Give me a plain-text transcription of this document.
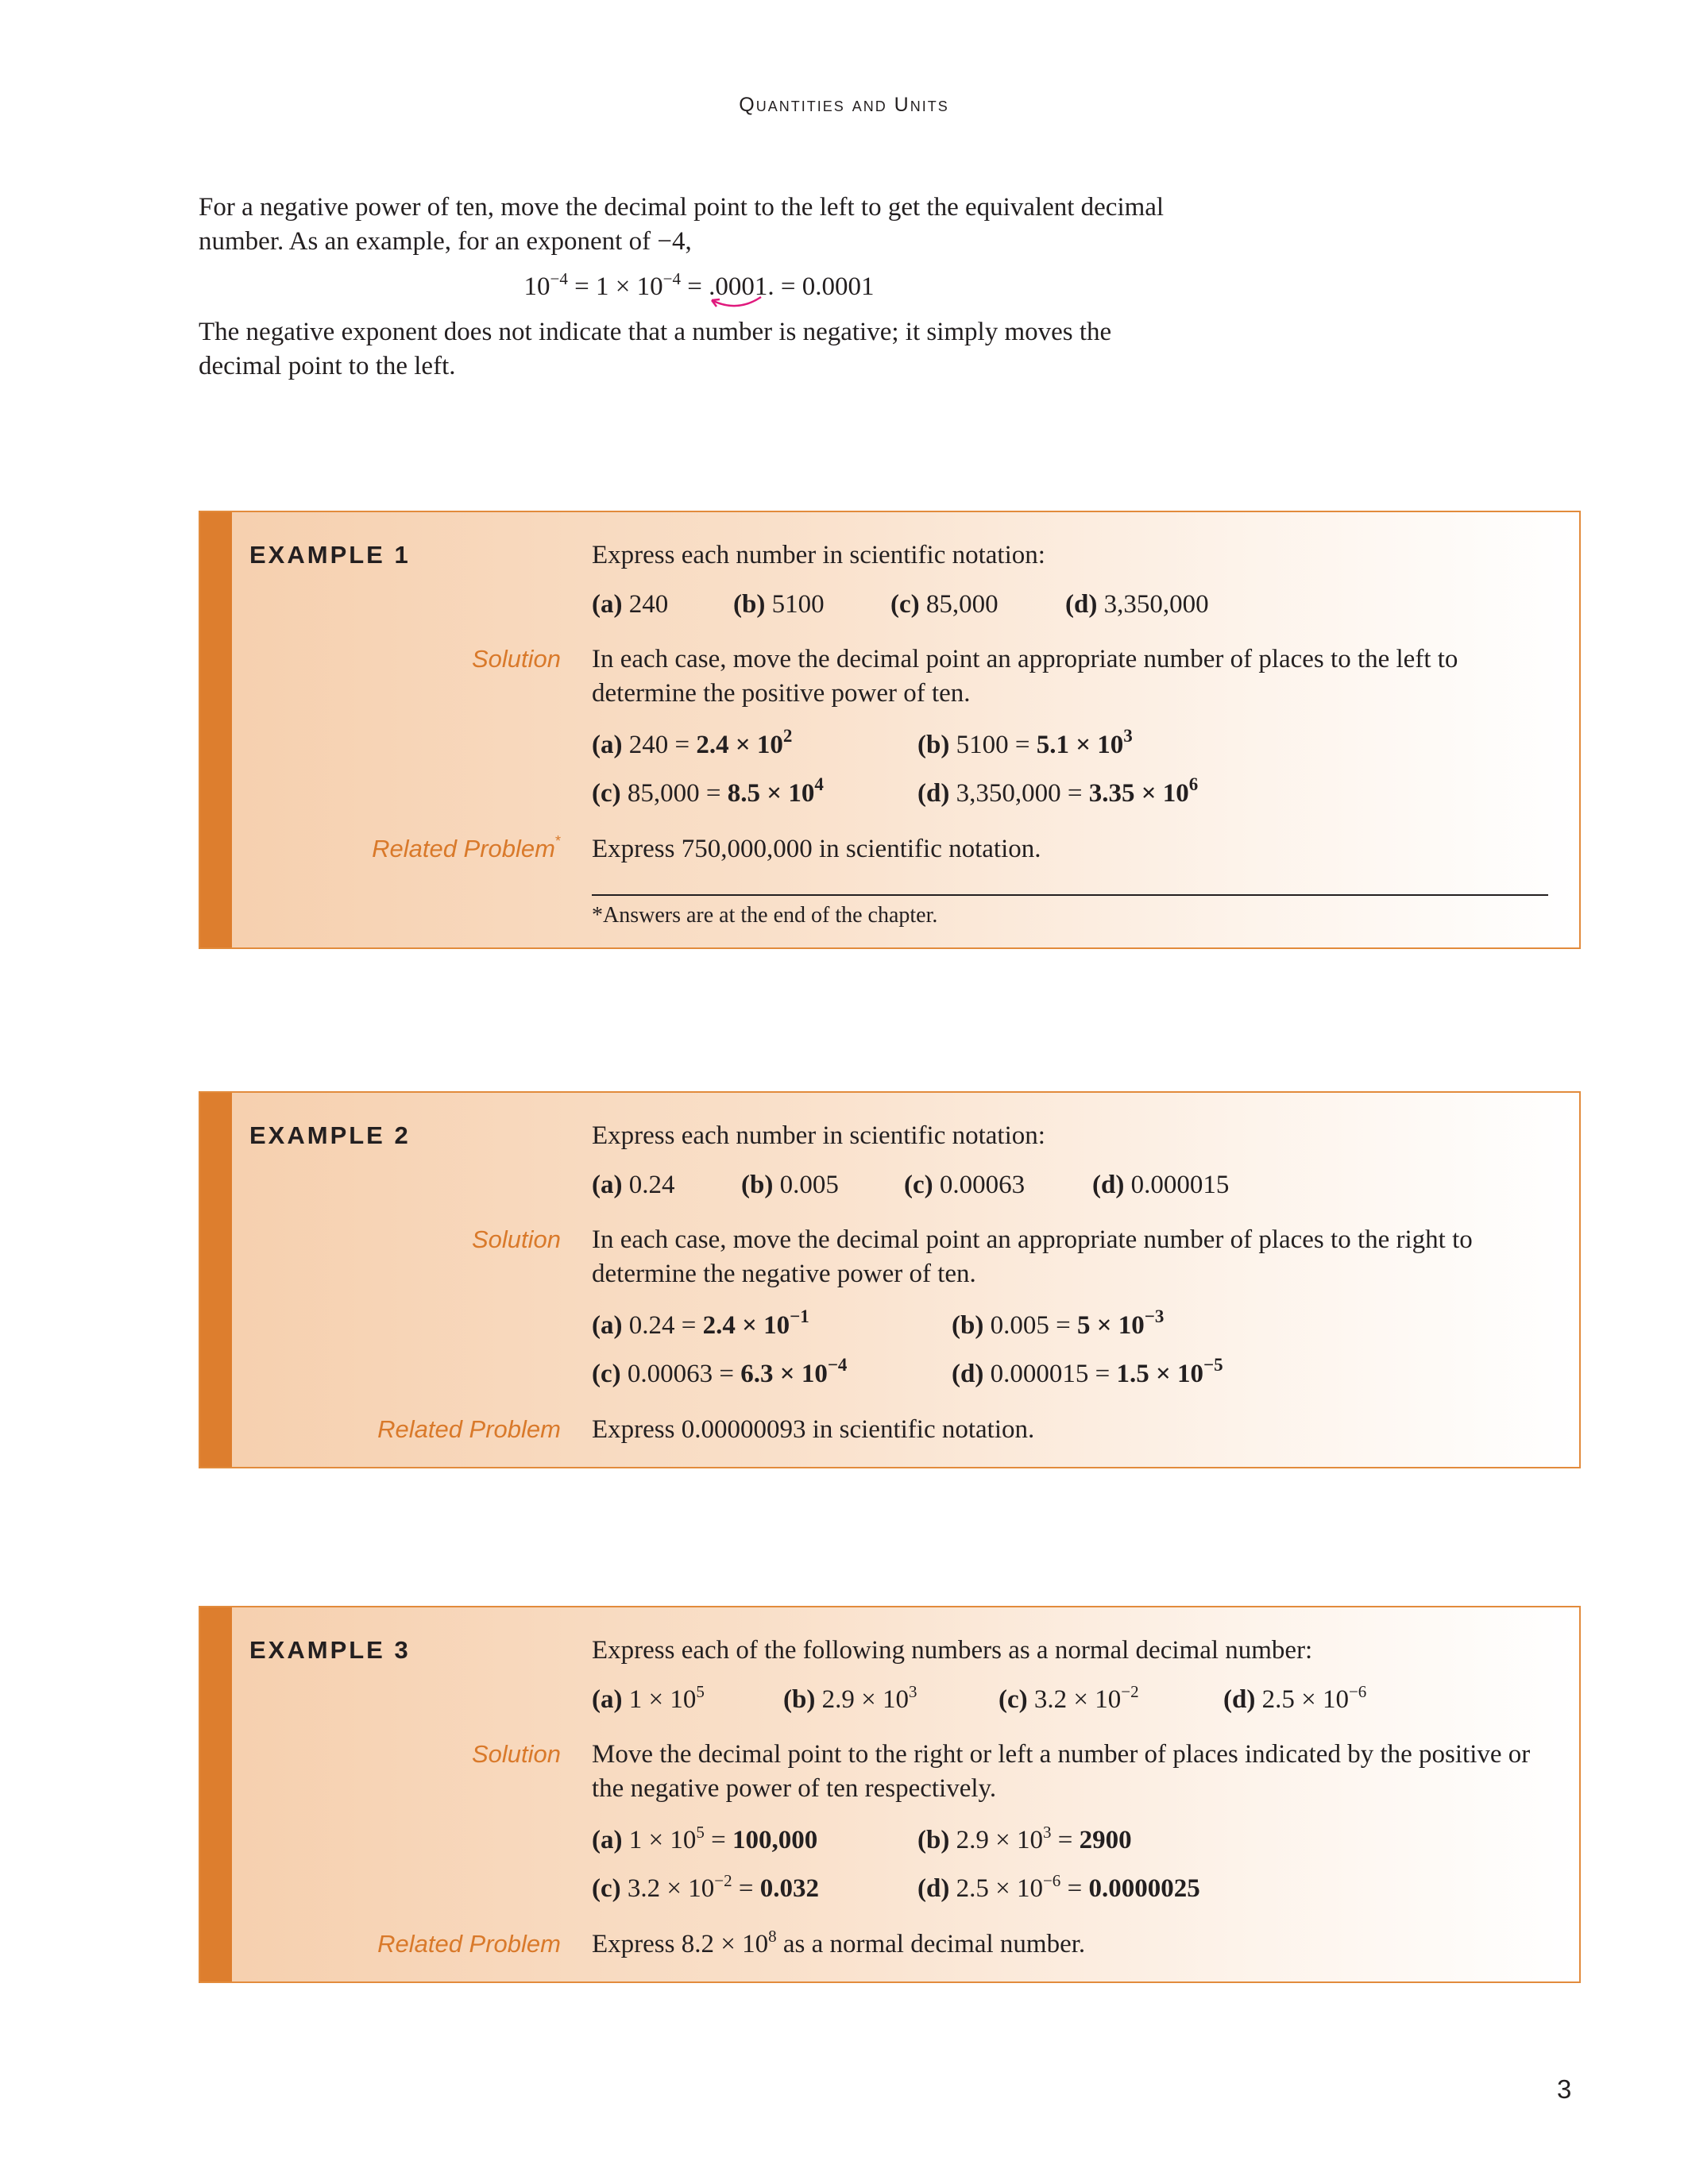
Quantities and Units

For a negative power of ten, move the decimal point to the left to get the equivalent decimal number. As an example, for an exponent of −4,

$10^{-4} = 1 \times 10^{-4} = .0001$.
= 0.0001

The negative exponent does not indicate that a number is negative; it simply moves the decimal point to the left.

EXAMPLE 1	Express each number in scientific notation:
(a) 240 (b) 5100	(c) 85,000	(d) 3,350,000
Solution In each case, move the decimal point an appropriate number of places to the left to determine the positive power of ten.
(a) $240 = 2.4 \times 10^2$	(b) $5100 = 5.1 \times 10^3$
(c) $85,000 = 8.5 \times 10^4$	(d) $3,350,000 = 3.35 \times 10^6$
Related Problem* Express 750,000,000 in scientific notation.
*Answers are at the end of the chapter.
EXAMPLE 2	Express each number in scientific notation:
(a) 0.24	(b) 0.005 (c) 0.00063	(d) 0.000015
Solution In each case, move the decimal point an appropriate number of places to the right to determine the negative power of ten.
(a) $0.24 = 2.4 \times 10^{-1}$	(b) $0.005 = 5 \times 10^{-3}$
(c) $0.00063 = 6.3 \times 10^{-4}$	(d) $0.000015 = 1.5 \times 10^{-5}$
Related Problem Express 0.00000093 in scientific notation.
EXAMPLE 3	Express each of the following numbers as a normal decimal number:
(a) $1 \times 10^5$	(b) $2.9 \times 10^3$	(c) $3.2 \times 10^{-2}$	(d) $2.5 \times 10^{-6}$
Solution Move the decimal point to the right or left a number of places indicated by the positive or the negative power of ten respectively.
(a) $1 \times 10^5 = 100,000$	(b) $2.9 \times 10^3 = 2900$
(c) $3.2 \times 10^{-2} = 0.032$	(d) $2.5 \times 10^{-6} = 0.0000025$
Related Problem Express $8.2 \times 10^8$ as a normal decimal number.
3
